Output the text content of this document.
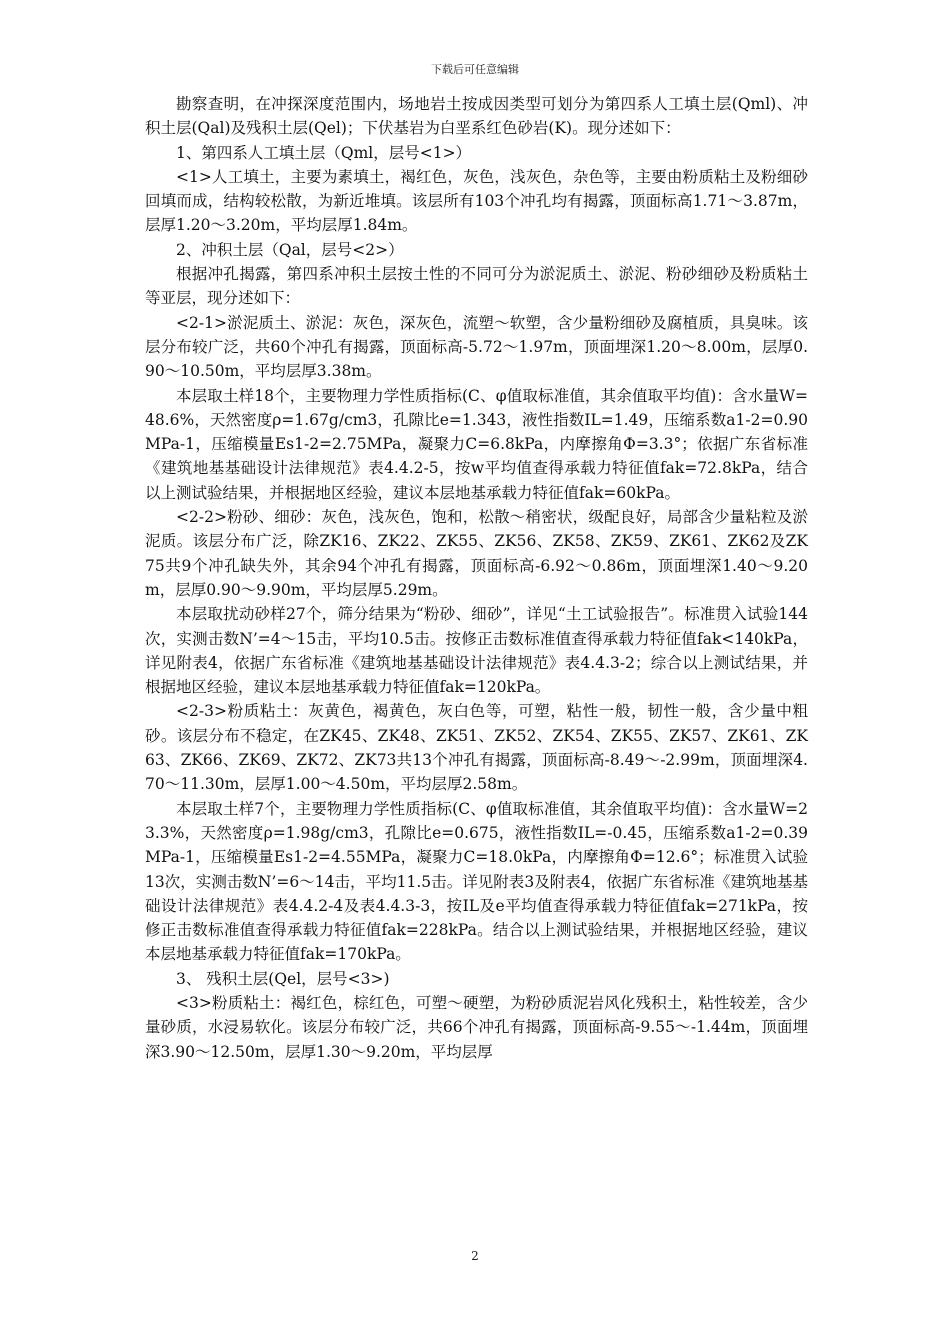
下载后可任意编辑

勘察查明，在冲探深度范围内，场地岩土按成因类型可划分为第四系人工填土层(Qml)、冲积土层(Qal)及残积土层(Qel)；下伏基岩为白垩系红色砂岩(K)。现分述如下：

1、第四系人工填土层（Qml，层号<1>）

<1>人工填土，主要为素填土，褐红色，灰色，浅灰色，杂色等，主要由粉质粘土及粉细砂回填而成，结构较松散，为新近堆填。该层所有103个冲孔均有揭露，顶面标高1.71～3.87m，层厚1.20～3.20m，平均层厚1.84m。

2、冲积土层（Qal，层号<2>）

根据冲孔揭露，第四系冲积土层按土性的不同可分为淤泥质土、淤泥、粉砂细砂及粉质粘土等亚层，现分述如下：

<2-1>淤泥质土、淤泥：灰色，深灰色，流塑～软塑，含少量粉细砂及腐植质，具臭味。该层分布较广泛，共60个冲孔有揭露，顶面标高-5.72～1.97m，顶面埋深1.20～8.00m，层厚0.90～10.50m，平均层厚3.38m。

本层取土样18个，主要物理力学性质指标(C、φ值取标准值，其余值取平均值)：含水量W=48.6%，天然密度ρ=1.67g/cm3，孔隙比e=1.343，液性指数IL=1.49，压缩系数a1-2=0.90MPa-1，压缩模量Es1-2=2.75MPa，凝聚力C=6.8kPa，内摩擦角Φ=3.3°；依据广东省标准《建筑地基基础设计法律规范》表4.4.2-5，按w平均值查得承载力特征值fak=72.8kPa，结合以上测试验结果，并根据地区经验，建议本层地基承载力特征值fak=60kPa。

<2-2>粉砂、细砂：灰色，浅灰色，饱和，松散～稍密状，级配良好，局部含少量粘粒及淤泥质。该层分布广泛，除ZK16、ZK22、ZK55、ZK56、ZK58、ZK59、ZK61、ZK62及ZK75共9个冲孔缺失外，其余94个冲孔有揭露，顶面标高-6.92～0.86m，顶面埋深1.40～9.20m，层厚0.90～9.90m，平均层厚5.29m。

本层取扰动砂样27个，筛分结果为“粉砂、细砂”，详见“土工试验报告”。标准贯入试验144次，实测击数N’=4～15击，平均10.5击。按修正击数标准值查得承载力特征值fak<140kPa，详见附表4，依据广东省标准《建筑地基基础设计法律规范》表4.4.3-2；综合以上测试结果，并根据地区经验，建议本层地基承载力特征值fak=120kPa。

<2-3>粉质粘土：灰黄色，褐黄色，灰白色等，可塑，粘性一般，韧性一般，含少量中粗砂。该层分布不稳定，在ZK45、ZK48、ZK51、ZK52、ZK54、ZK55、ZK57、ZK61、ZK63、ZK66、ZK69、ZK72、ZK73共13个冲孔有揭露，顶面标高-8.49～-2.99m，顶面埋深4.70～11.30m，层厚1.00～4.50m，平均层厚2.58m。

本层取土样7个，主要物理力学性质指标(C、φ值取标准值，其余值取平均值)：含水量W=23.3%，天然密度ρ=1.98g/cm3，孔隙比e=0.675，液性指数IL=-0.45，压缩系数a1-2=0.39MPa-1，压缩模量Es1-2=4.55MPa，凝聚力C=18.0kPa，内摩擦角Φ=12.6°；标准贯入试验13次，实测击数N’=6～14击，平均11.5击。详见附表3及附表4，依据广东省标准《建筑地基基础设计法律规范》表4.4.2-4及表4.4.3-3，按IL及e平均值查得承载力特征值fak=271kPa，按修正击数标准值查得承载力特征值fak=228kPa。结合以上测试验结果，并根据地区经验，建议本层地基承载力特征值fak=170kPa。

3、 残积土层(Qel，层号<3>)

<3>粉质粘土：褐红色，棕红色，可塑～硬塑，为粉砂质泥岩风化残积土，粘性较差，含少量砂质，水浸易软化。该层分布较广泛，共66个冲孔有揭露，顶面标高-9.55～-1.44m，顶面埋深3.90～12.50m，层厚1.30～9.20m，平均层厚

2
